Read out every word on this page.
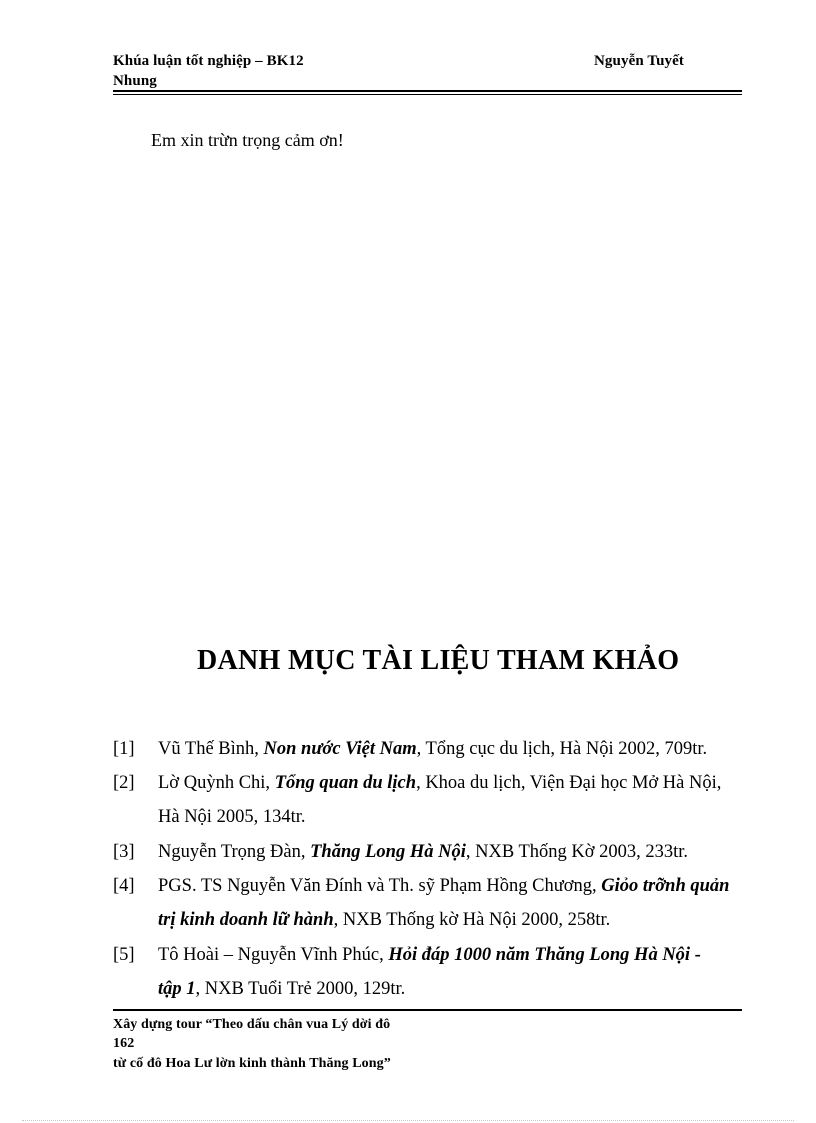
Khúa luận tốt nghiệp – BK12
Nhung
Nguyễn Tuyết
Em xin trừn trọng cảm ơn!
DANH MỤC TÀI LIỆU THAM KHẢO
[1] Vũ Thế Bình, Non nước Việt Nam, Tổng cục du lịch, Hà Nội 2002, 709tr.
[2] Lờ Quỳnh Chi, Tổng quan du lịch, Khoa du lịch, Viện Đại học Mở Hà Nội,
Hà Nội 2005, 134tr.
[3] Nguyễn Trọng Đàn, Thăng Long Hà Nội, NXB Thống Kờ 2003, 233tr.
[4] PGS. TS Nguyễn Văn Đính và Th. sỹ Phạm Hồng Chương, Giỏo trỡnh quản
trị kinh doanh lữ hành, NXB Thống kờ Hà Nội 2000, 258tr.
[5] Tô Hoài – Nguyễn Vĩnh Phúc, Hỏi đáp 1000 năm Thăng Long Hà Nội -
tập 1, NXB Tuổi Trẻ 2000, 129tr.
Xây dựng tour “Theo dấu chân vua Lý dời đô
162
từ cố đô Hoa Lư lờn kinh thành Thăng Long”
